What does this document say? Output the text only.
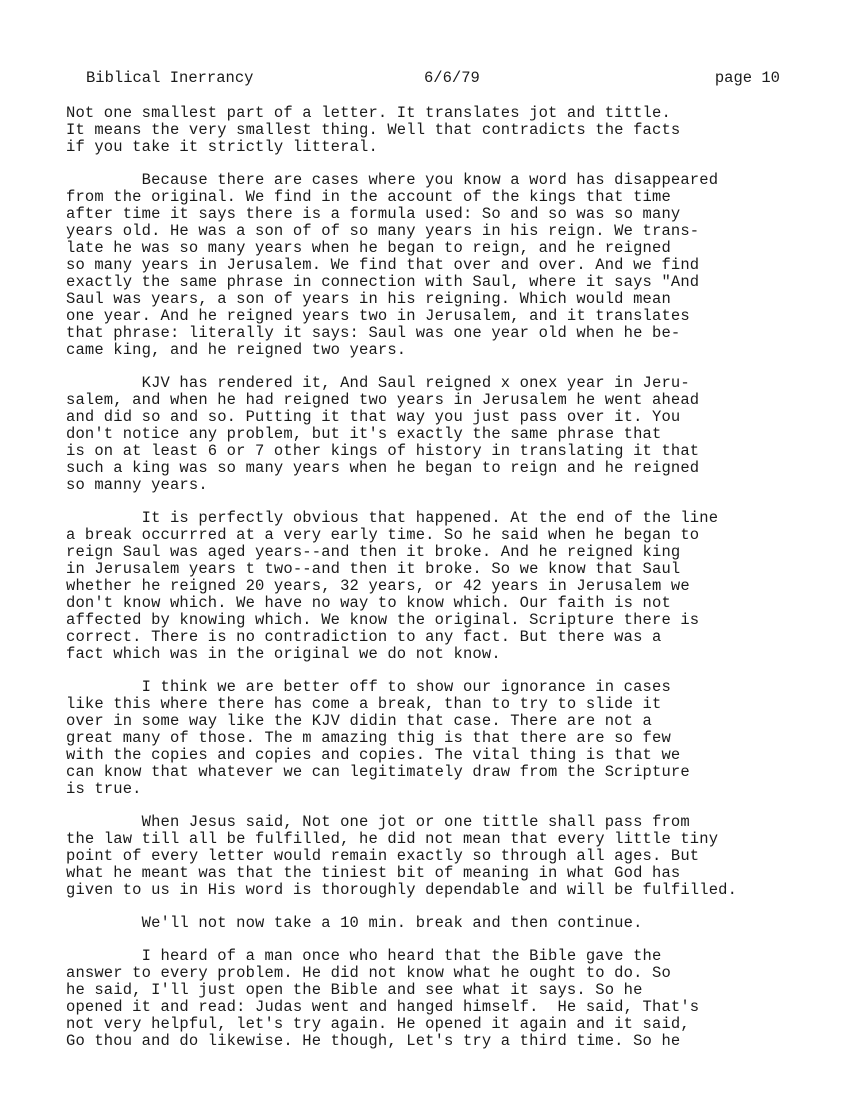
Biblical Inerrancy	6/6/79	page 10
Not one smallest part of a letter. It translates jot and tittle.
It means the very smallest thing. Well that contradicts the facts
if you take it strictly litteral.
Because there are cases where you know a word has disappeared
from the original. We find in the account of the kings that time
after time it says there is a formula used: So and so was so many
years old. He was a son of of so many years in his reign. We trans-
late he was so many years when he began to reign, and he reigned
so many years in Jerusalem. We find that over and over. And we find
exactly the same phrase in connection with Saul, where it says "And
Saul was years, a son of years in his reigning. Which would mean
one year. And he reigned years two in Jerusalem, and it translates
that phrase: literally it says: Saul was one year old when he be-
came king, and he reigned two years.
KJV has rendered it, And Saul reigned x onex year in Jeru-
salem, and when he had reigned two years in Jerusalem he went ahead
and did so and so. Putting it that way you just pass over it. You
don't notice any problem, but it's exactly the same phrase that
is on at least 6 or 7 other kings of history in translating it that
such a king was so many years when he began to reign and he reigned
so manny years.
It is perfectly obvious that happened. At the end of the line
a break occurrred at a very early time. So he said when he began to
reign Saul was aged years--and then it broke. And he reigned king
in Jerusalem years t two--and then it broke. So we know that Saul
whether he reigned 20 years, 32 years, or 42 years in Jerusalem we
don't know which. We have no way to know which. Our faith is not
affected by knowing which. We know the original. Scripture there is
correct. There is no contradiction to any fact. But there was a
fact which was in the original we do not know.
I think we are better off to show our ignorance in cases
like this where there has come a break, than to try to slide it
over in some way like the KJV didin that case. There are not a
great many of those. The m amazing thig is that there are so few
with the copies and copies and copies. The vital thing is that we
can know that whatever we can legitimately draw from the Scripture
is true.
When Jesus said, Not one jot or one tittle shall pass from
the law till all be fulfilled, he did not mean that every little tiny
point of every letter would remain exactly so through all ages. But
what he meant was that the tiniest bit of meaning in what God has
given to us in His word is thoroughly dependable and will be fulfilled.
We'll not now take a 10 min. break and then continue.
I heard of a man once who heard that the Bible gave the
answer to every problem. He did not know what he ought to do. So
he said, I'll just open the Bible and see what it says. So he
opened it and read: Judas went and hanged himself.  He said, That's
not very helpful, let's try again. He opened it again and it said,
Go thou and do likewise. He though, Let's try a third time. So he
